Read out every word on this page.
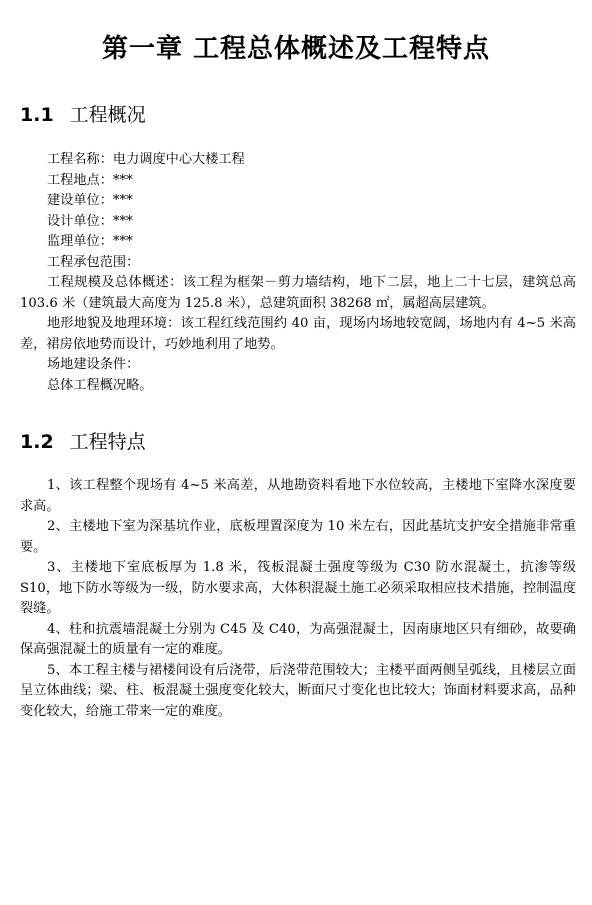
第一章 工程总体概述及工程特点
1.1 工程概况
工程名称：电力调度中心大楼工程
工程地点：***
建设单位：***
设计单位：***
监理单位：***
工程承包范围：
工程规模及总体概述：该工程为框架－剪力墙结构，地下二层，地上二十七层，建筑总高 103.6 米（建筑最大高度为 125.8 米），总建筑面积 38268 ㎡，属超高层建筑。
地形地貌及地理环境：该工程红线范围约 40 亩，现场内场地较宽阔，场地内有 4~5 米高差，裙房依地势而设计，巧妙地利用了地势。
场地建设条件：
总体工程概况略。
1.2 工程特点
1、该工程整个现场有 4~5 米高差，从地勘资料看地下水位较高，主楼地下室降水深度要求高。
2、主楼地下室为深基坑作业，底板埋置深度为 10 米左右，因此基坑支护安全措施非常重要。
3、主楼地下室底板厚为 1.8 米，筏板混凝土强度等级为 C30 防水混凝土，抗渗等级 S10，地下防水等级为一级，防水要求高，大体积混凝土施工必须采取相应技术措施，控制温度裂缝。
4、柱和抗震墙混凝土分别为 C45 及 C40，为高强混凝土，因南康地区只有细砂，故要确保高强混凝土的质量有一定的难度。
5、本工程主楼与裙楼间设有后浇带，后浇带范围较大；主楼平面两侧呈弧线，且楼层立面呈立体曲线；梁、柱、板混凝土强度变化较大，断面尺寸变化也比较大；饰面材料要求高，品种变化较大，给施工带来一定的难度。
